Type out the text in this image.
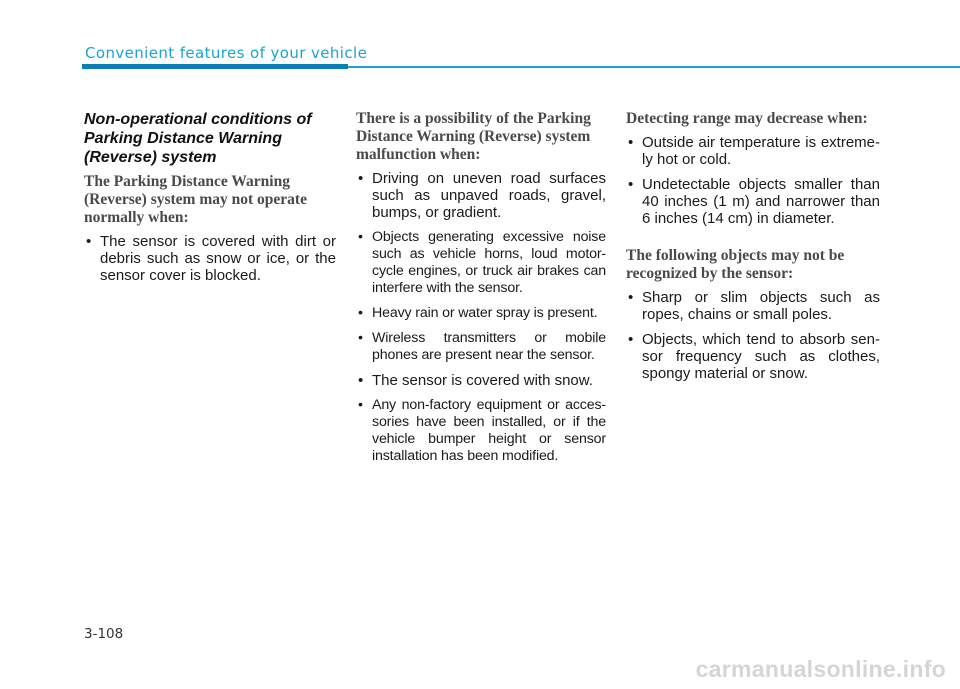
Convenient features of your vehicle
Non-operational conditions of Parking Distance Warning (Reverse) system
The Parking Distance Warning (Reverse) system may not operate normally when:
• The sensor is covered with dirt or debris such as snow or ice, or the sensor cover is blocked.
There is a possibility of the Parking Distance Warning (Reverse) system malfunction when:
• Driving on uneven road surfaces such as unpaved roads, gravel, bumps, or gradient.
• Objects generating excessive noise such as vehicle horns, loud motor-cycle engines, or truck air brakes can interfere with the sensor.
• Heavy rain or water spray is present.
• Wireless transmitters or mobile phones are present near the sensor.
• The sensor is covered with snow.
• Any non-factory equipment or acces-sories have been installed, or if the vehicle bumper height or sensor installation has been modified.
Detecting range may decrease when:
• Outside air temperature is extreme-ly hot or cold.
• Undetectable objects smaller than 40 inches (1 m) and narrower than 6 inches (14 cm) in diameter.
The following objects may not be recognized by the sensor:
• Sharp or slim objects such as ropes, chains or small poles.
• Objects, which tend to absorb sen-sor frequency such as clothes, spongy material or snow.
3-108
carmanualsonline.info
